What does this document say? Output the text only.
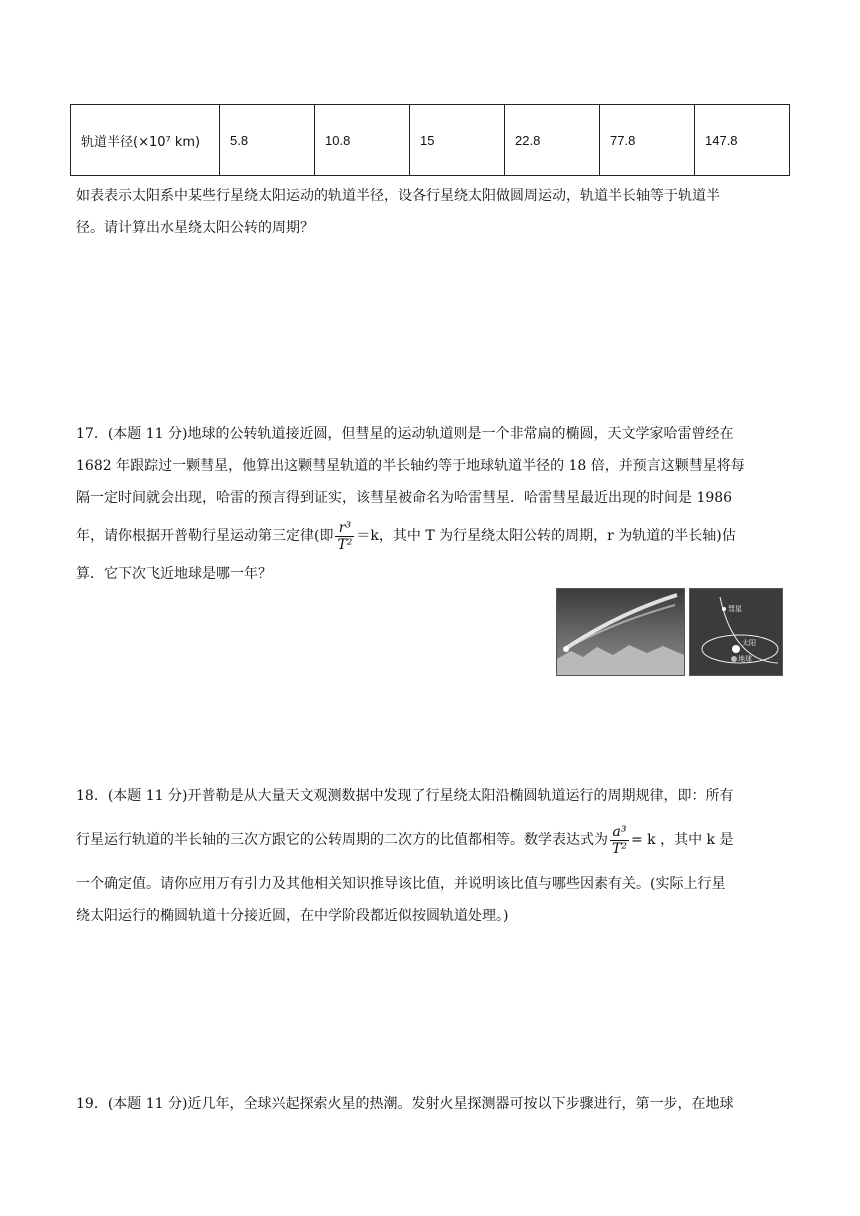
轨道半径(×10⁷ km)	5.8	10.8	15	22.8	77.8	147.8
如表表示太阳系中某些行星绕太阳运动的轨道半径，设各行星绕太阳做圆周运动，轨道半长轴等于轨道半
径。请计算出水星绕太阳公转的周期？
17．(本题 11 分)地球的公转轨道接近圆，但彗星的运动轨道则是一个非常扁的椭圆，天文学家哈雷曾经在
1682 年跟踪过一颗彗星，他算出这颗彗星轨道的半长轴约等于地球轨道半径的 18 倍，并预言这颗彗星将每
隔一定时间就会出现，哈雷的预言得到证实，该彗星被命名为哈雷彗星．哈雷彗星最近出现的时间是 1986
年，请你根据开普勒行星运动第三定律(即 $\frac{\text{r³}}{\text{T²}} =k$，其中 T 为行星绕太阳公转的周期，r 为轨道的半长轴)估
算．它下次飞近地球是哪一年？
彗星
太阳
地球
18．(本题 11 分)开普勒是从大量天文观测数据中发现了行星绕太阳沿椭圆轨道运行的周期规律，即：所有
行星运行轨道的半长轴的三次方跟它的公转周期的二次方的比值都相等。数学表达式为 $\frac{\text{a³}}{\text{T²}} = k$ ，其中 k 是
一个确定值。请你应用万有引力及其他相关知识推导该比值，并说明该比值与哪些因素有关。(实际上行星
绕太阳运行的椭圆轨道十分接近圆，在中学阶段都近似按圆轨道处理。)
19．(本题 11 分)近几年，全球兴起探索火星的热潮。发射火星探测器可按以下步骤进行，第一步，在地球
